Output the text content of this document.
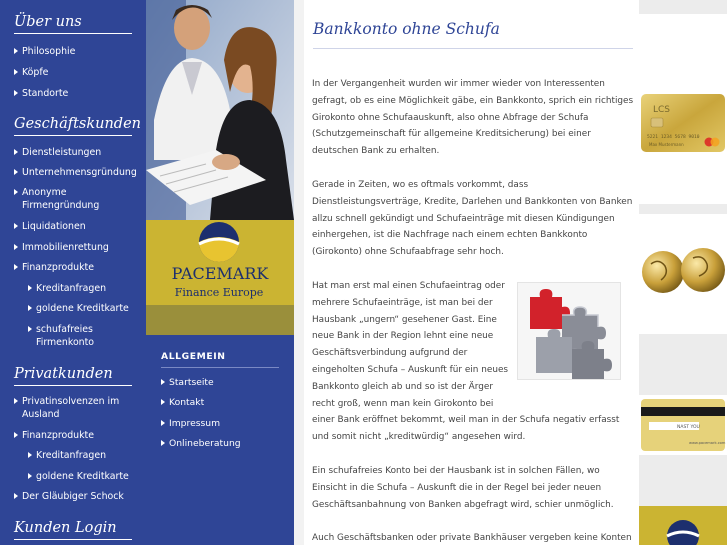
Über uns
Philosophie
Köpfe
Standorte
Geschäftskunden
Dienstleistungen
Unternehmensgründung
Anonyme
Firmengründung
Liquidationen
Immobilienrettung
Finanzprodukte
Kreditanfragen
goldene Kreditkarte
schufafreies
Firmenkonto
Privatkunden
Privatinsolvenzen im
Ausland
Finanzprodukte
Kreditanfragen
goldene Kreditkarte
Der Gläubiger Schock
Kunden Login
PACEMARK
Finance Europe
ALLGEMEIN
Startseite
Kontakt
Impressum
Onlineberatung
Bankkonto ohne Schufa
In der Vergangenheit wurden wir immer wieder von Interessenten
gefragt, ob es eine Möglichkeit gäbe, ein Bankkonto, sprich ein richtiges
Girokonto ohne Schufaauskunft, also ohne Abfrage der Schufa
(Schutzgemeinschaft für allgemeine Kreditsicherung) bei einer
deutschen Bank zu erhalten.
Gerade in Zeiten, wo es oftmals vorkommt, dass
Dienstleistungsverträge, Kredite, Darlehen und Bankkonten von Banken
allzu schnell gekündigt und Schufaeinträge mit diesen Kündigungen
einhergehen, ist die Nachfrage nach einem echten Bankkonto
(Girokonto) ohne Schufaabfrage sehr hoch.
Hat man erst mal einen Schufaeintrag oder
mehrere Schufaeinträge, ist man bei der
Hausbank „ungern“ gesehener Gast. Eine
neue Bank in der Region lehnt eine neue
Geschäftsverbindung aufgrund der
eingeholten Schufa – Auskunft für ein neues
Bankkonto gleich ab und so ist der Ärger
recht groß, wenn man kein Girokonto bei
einer Bank eröffnet bekommt, weil man in der Schufa negativ erfasst
und somit nicht „kreditwürdig“ angesehen wird.
Ein schufafreies Konto bei der Hausbank ist in solchen Fällen, wo
Einsicht in die Schufa – Auskunft die in der Regel bei jeder neuen
Geschäftsanbahnung von Banken abgefragt wird, schier unmöglich.
Auch Geschäftsbanken oder private Bankhäuser vergeben keine Konten
LCS
5221 1234 5678 9010
Max Mustermann
NAST YOU
www.pacemark.com
